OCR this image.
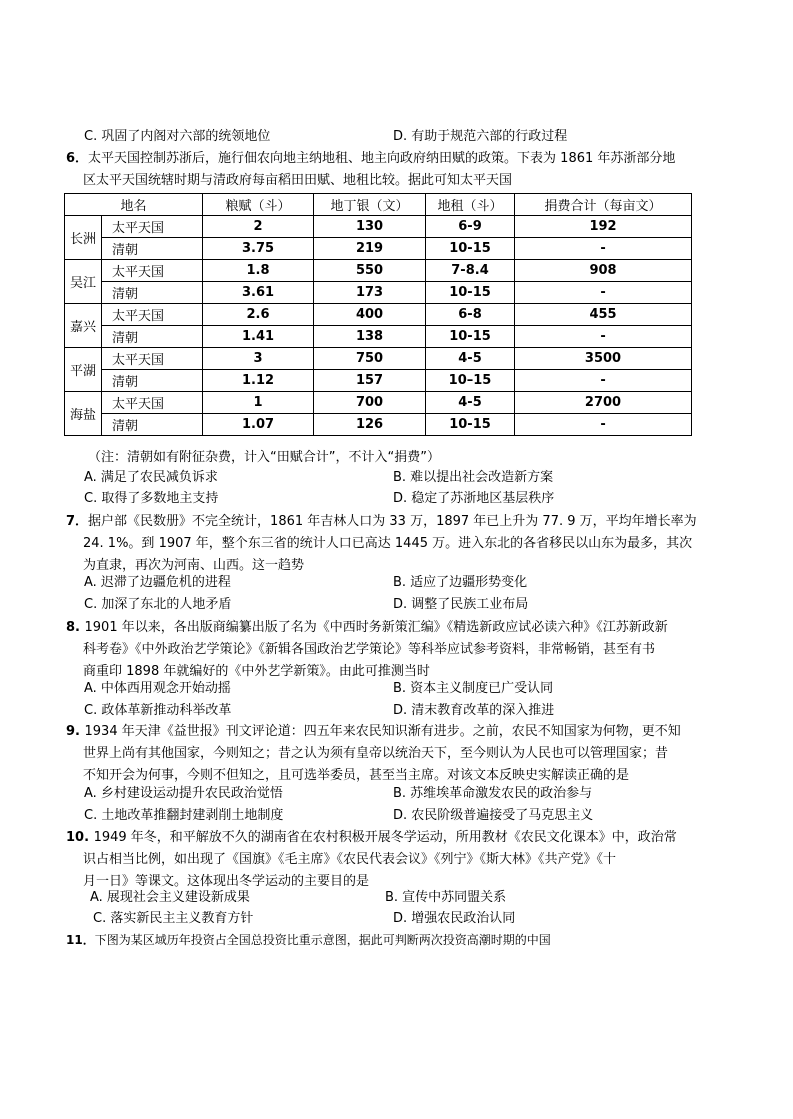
C. 巩固了内阁对六部的统领地位	D. 有助于规范六部的行政过程
6．太平天国控制苏浙后，施行佃农向地主纳地租、地主向政府纳田赋的政策。下表为 1861 年苏浙部分地
区太平天国统辖时期与清政府每亩稻田田赋、地租比较。据此可知太平天国
地名		粮赋（斗）	地丁银（文）	地租（斗）	捐费合计（每亩文）
长洲	太平天国	2	130	6-9	192
	清朝	3.75	219	10-15	-
吴江	太平天国	1.8	550	7-8.4	908
	清朝	3.61	173	10-15	-
嘉兴	太平天国	2.6	400	6-8	455
	清朝	1.41	138	10-15	-
平湖	太平天国	3	750	4-5	3500
	清朝	1.12	157	10–15	-
海盐	太平天国	1	700	4-5	2700
	清朝	1.07	126	10-15	-
（注：清朝如有附征杂费，计入“田赋合计”，不计入“捐费”）
A. 满足了农民减负诉求	B. 难以提出社会改造新方案
C. 取得了多数地主支持	D. 稳定了苏浙地区基层秩序
7．据户部《民数册》不完全统计，1861 年吉林人口为 33 万，1897 年已上升为 77. 9 万，平均年增长率为
24. 1%。到 1907 年，整个东三省的统计人口已高达 1445 万。进入东北的各省移民以山东为最多，其次
为直隶，再次为河南、山西。这一趋势
A. 迟滞了边疆危机的进程	B. 适应了边疆形势变化
C. 加深了东北的人地矛盾	D. 调整了民族工业布局
8. 1901 年以来，各出版商编纂出版了名为《中西时务新策汇编》《精选新政应试必读六种》《江苏新政新
科考卷》《中外政治艺学策论》《新辑各国政治艺学策论》等科举应试参考资料，非常畅销，甚至有书
商重印 1898 年就编好的《中外艺学新策》。由此可推测当时
A. 中体西用观念开始动摇	B. 资本主义制度已广受认同
C. 政体革新推动科举改革	D. 清末教育改革的深入推进
9. 1934 年天津《益世报》刊文评论道：四五年来农民知识渐有进步。之前，农民不知国家为何物，更不知
世界上尚有其他国家，今则知之；昔之认为须有皇帝以统治天下，至今则认为人民也可以管理国家；昔
不知开会为何事，今则不但知之，且可选举委员，甚至当主席。对该文本反映史实解读正确的是
A. 乡村建设运动提升农民政治觉悟	B. 苏维埃革命激发农民的政治参与
C. 土地改革推翻封建剥削土地制度	D. 农民阶级普遍接受了马克思主义
10. 1949 年冬，和平解放不久的湖南省在农村积极开展冬学运动，所用教材《农民文化课本》中，政治常
识占相当比例，如出现了《国旗》《毛主席》《农民代表会议》《列宁》《斯大林》《共产党》《十
月一日》等课文。这体现出冬学运动的主要目的是
A. 展现社会主义建设新成果	B. 宣传中苏同盟关系
C. 落实新民主主义教育方针	D. 增强农民政治认同
11．下图为某区域历年投资占全国总投资比重示意图，据此可判断两次投资高潮时期的中国
